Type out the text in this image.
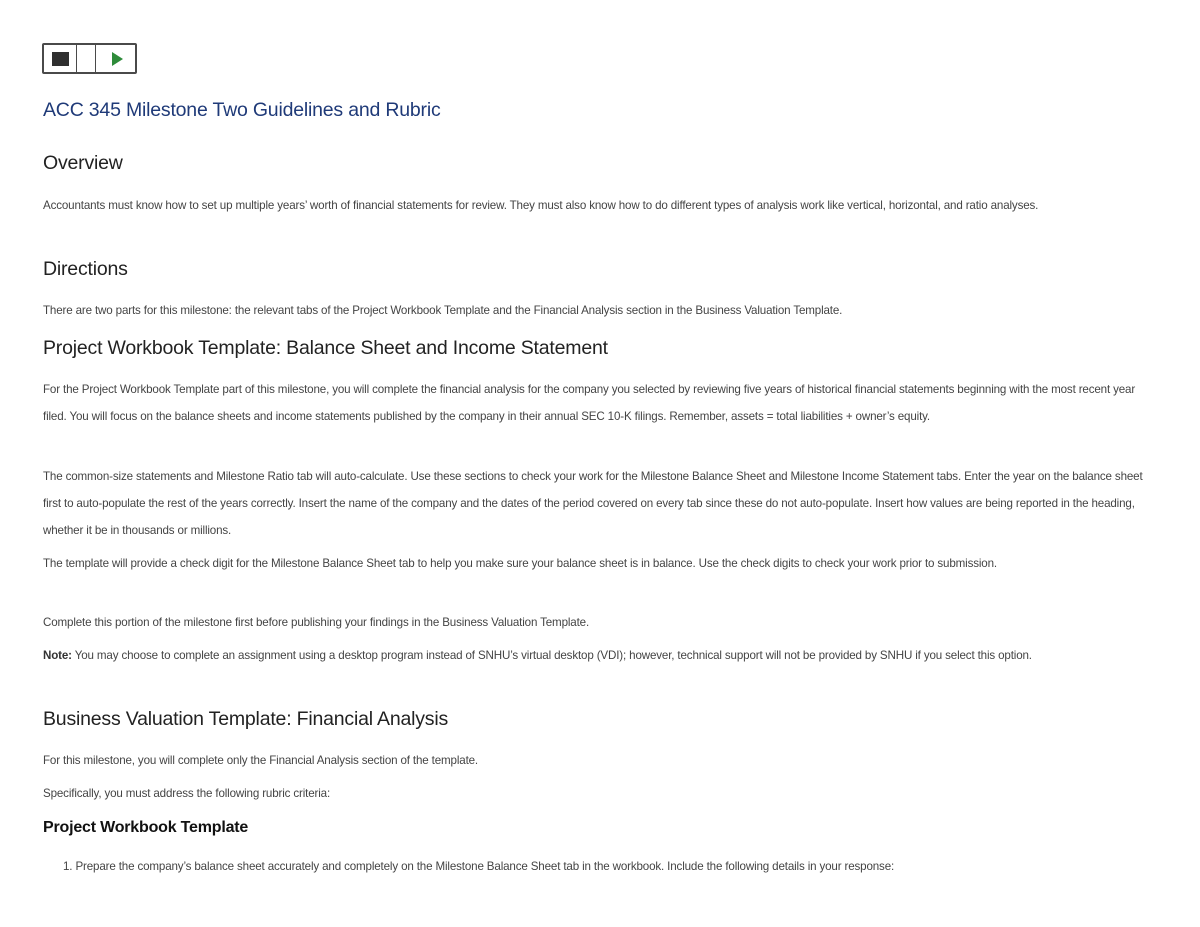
ACC 345 Milestone Two Guidelines and Rubric
Overview

Accountants must know how to set up multiple years’ worth of financial statements for review. They must also know how to do different types of analysis work like vertical, horizontal, and ratio analyses.

Directions

There are two parts for this milestone: the relevant tabs of the Project Workbook Template and the Financial Analysis section in the Business Valuation Template.

Project Workbook Template: Balance Sheet and Income Statement

For the Project Workbook Template part of this milestone, you will complete the financial analysis for the company you selected by reviewing five years of historical financial statements beginning with the most recent year filed. You will focus on the balance sheets and income statements published by the company in their annual SEC 10-K filings. Remember, assets = total liabilities + owner’s equity.

The common-size statements and Milestone Ratio tab will auto-calculate. Use these sections to check your work for the Milestone Balance Sheet and Milestone Income Statement tabs. Enter the year on the balance sheet first to auto-populate the rest of the years correctly. Insert the name of the company and the dates of the period covered on every tab since these do not auto-populate. Insert how values are being reported in the heading, whether it be in thousands or millions.

The template will provide a check digit for the Milestone Balance Sheet tab to help you make sure your balance sheet is in balance. Use the check digits to check your work prior to submission.

Complete this portion of the milestone first before publishing your findings in the Business Valuation Template.

Note: You may choose to complete an assignment using a desktop program instead of SNHU’s virtual desktop (VDI); however, technical support will not be provided by SNHU if you select this option.

Business Valuation Template: Financial Analysis

For this milestone, you will complete only the Financial Analysis section of the template.

Specifically, you must address the following rubric criteria:

Project Workbook Template
1. Prepare the company’s balance sheet accurately and completely on the Milestone Balance Sheet tab in the workbook. Include the following details in your response:
